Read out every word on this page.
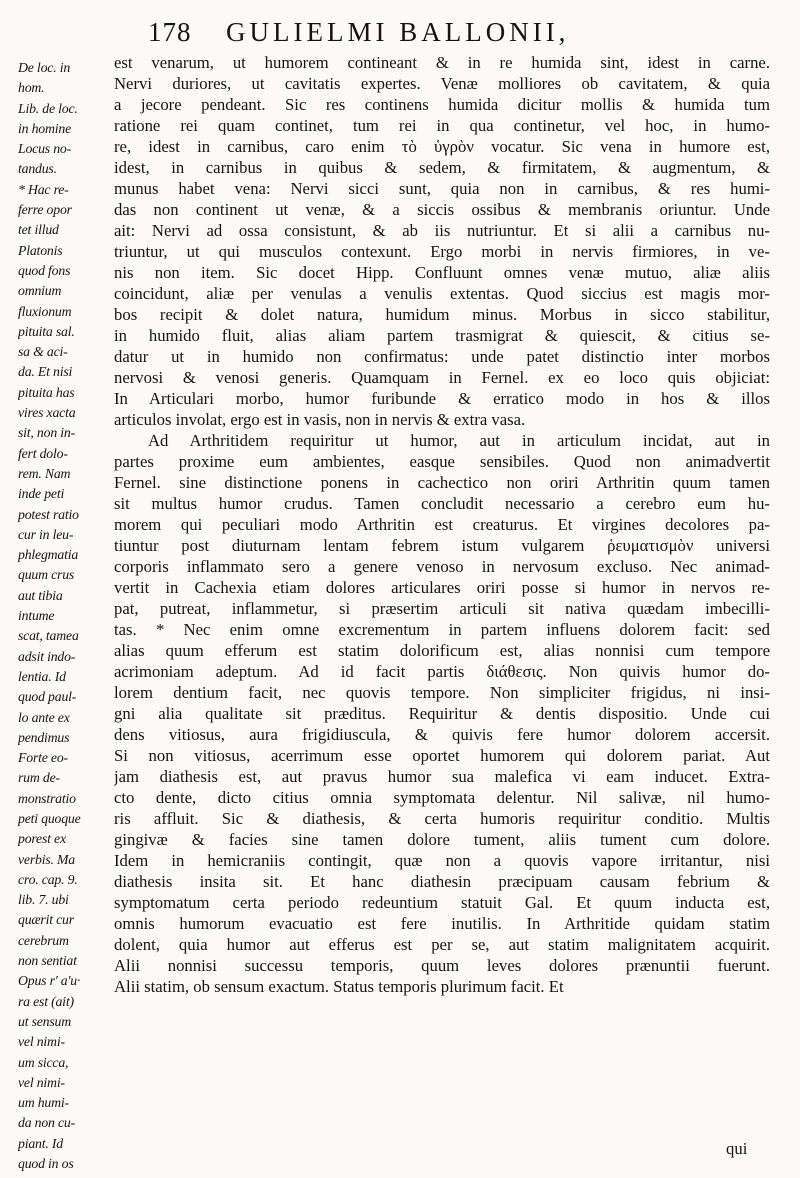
178 GULIELMI BALLONII,
De loc. in
hom.
Lib. de loc.
in homine
Locus no-
tandus.
* Hac re-
ferre opor
tet illud
Platonis
quod fons
omnium
fluxionum
pituita sal.
sa & aci-
da. Et nisi
pituita has
vires xacta
sit, non in-
fert dolo-
rem. Nam
inde peti
potest ratio
cur in leu-
phlegmatia
quum crus
aut tibia
intume
scat, tamea
adsit indo-
lentia. Id
quod paul-
lo ante ex
pendimus
Forte eo-
rum de-
monstratio
peti quoque
porest ex
verbis. Ma
cro. cap. 9.
lib. 7. ubi
quærit cur
cerebrum
non sentiat
Opus r' a'u·
ra est (ait)
ut sensum
vel nimi-
um sicca,
vel nimi-
um humi-
da non cu-
piant. Id
quod in os
est venarum, ut humorem contineant & in re humida sint, idest in carne.
Nervi duriores, ut cavitatis expertes. Venæ molliores ob cavitatem, & quia
a jecore pendeant. Sic res continens humida dicitur mollis & humida tum
ratione rei quam continet, tum rei in qua continetur, vel hoc, in humo-
re, idest in carnibus, caro enim τὸ ὑγρὸν vocatur. Sic vena in humore est,
idest, in carnibus in quibus & sedem, & firmitatem, & augmentum, &
munus habet vena: Nervi sicci sunt, quia non in carnibus, & res humi-
das non continent ut venæ, & a siccis ossibus & membranis oriuntur. Unde
ait: Nervi ad ossa consistunt, & ab iis nutriuntur. Et si alii a carnibus nu-
triuntur, ut qui musculos contexunt. Ergo morbi in nervis firmiores, in ve-
nis non item. Sic docet Hipp. Confluunt omnes venæ mutuo, aliæ aliis
coincidunt, aliæ per venulas a venulis extentas. Quod siccius est magis mor-
bos recipit & dolet natura, humidum minus. Morbus in sicco stabilitur,
in humido fluit, alias aliam partem trasmigrat & quiescit, & citius se-
datur ut in humido non confirmatus: unde patet distinctio inter morbos
nervosi & venosi generis. Quamquam in Fernel. ex eo loco quis objiciat:
In Articulari morbo, humor furibunde & erratico modo in hos & illos
articulos involat, ergo est in vasis, non in nervis & extra vasa.
Ad Arthritidem requiritur ut humor, aut in articulum incidat, aut in
partes proxime eum ambientes, easque sensibiles. Quod non animadvertit
Fernel. sine distinctione ponens in cachectico non oriri Arthritin quum tamen
sit multus humor crudus. Tamen concludit necessario a cerebro eum hu-
morem qui peculiari modo Arthritin est creaturus. Et virgines decolores pa-
tiuntur post diuturnam lentam febrem istum vulgarem ῥευματισμὸν universi
corporis inflammato sero a genere venoso in nervosum excluso. Nec animad-
vertit in Cachexia etiam dolores articulares oriri posse si humor in nervos re-
pat, putreat, inflammetur, si præsertim articuli sit nativa quædam imbecilli-
tas. * Nec enim omne excrementum in partem influens dolorem facit: sed
alias quum efferum est statim dolorificum est, alias nonnisi cum tempore
acrimoniam adeptum. Ad id facit partis διάθεσις. Non quivis humor do-
lorem dentium facit, nec quovis tempore. Non simpliciter frigidus, ni insi-
gni alia qualitate sit præditus. Requiritur & dentis dispositio. Unde cui
dens vitiosus, aura frigidiuscula, & quivis fere humor dolorem accersit.
Si non vitiosus, acerrimum esse oportet humorem qui dolorem pariat. Aut
jam diathesis est, aut pravus humor sua malefica vi eam inducet. Extra-
cto dente, dicto citius omnia symptomata delentur. Nil salivæ, nil humo-
ris affluit. Sic & diathesis, & certa humoris requiritur conditio. Multis
gingivæ & facies sine tamen dolore tument, aliis tument cum dolore.
Idem in hemicraniis contingit, quæ non a quovis vapore irritantur, nisi
diathesis insita sit. Et hanc diathesin præcipuam causam febrium &
symptomatum certa periodo redeuntium statuit Gal. Et quum inducta est,
omnis humorum evacuatio est fere inutilis. In Arthritide quidam statim
dolent, quia humor aut efferus est per se, aut statim malignitatem acquirit.
Alii nonnisi successu temporis, quum leves dolores prænuntii fuerunt.
Alii statim, ob sensum exactum. Status temporis plurimum facit. Et
qui
